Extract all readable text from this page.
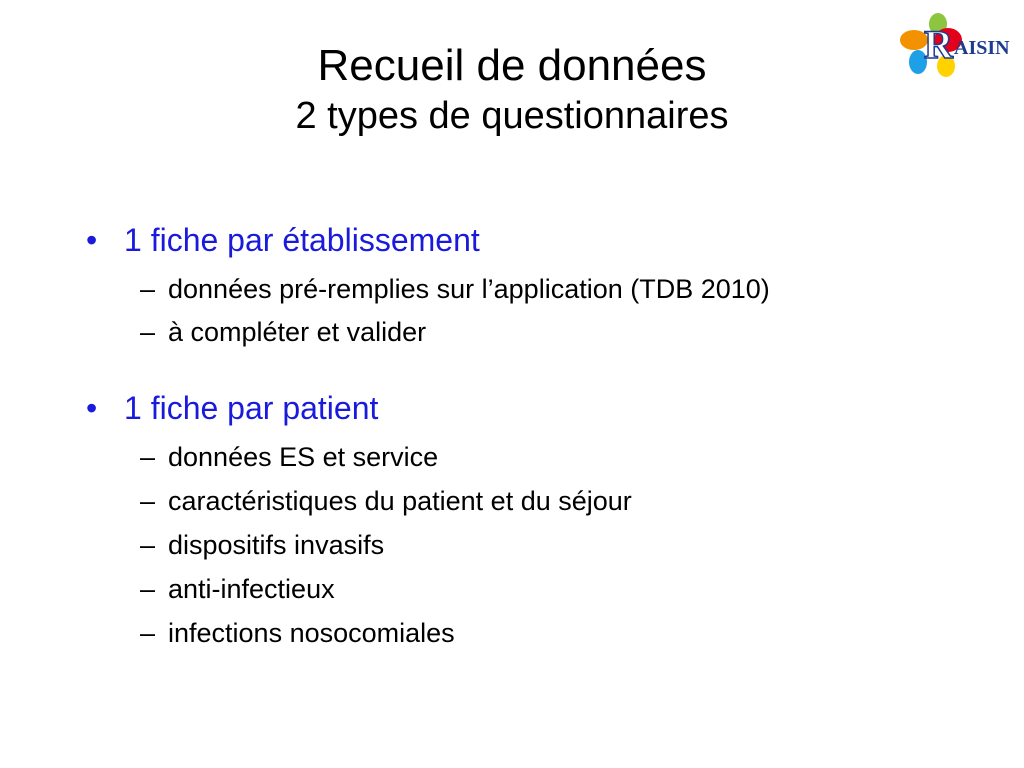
Recueil de données
2 types de questionnaires
R AISIN
• 1 fiche par établissement
– données pré-remplies sur l’application (TDB 2010)
– à compléter et valider
• 1 fiche par patient
– données ES et service
– caractéristiques du patient et du séjour
– dispositifs invasifs
– anti-infectieux
– infections nosocomiales
